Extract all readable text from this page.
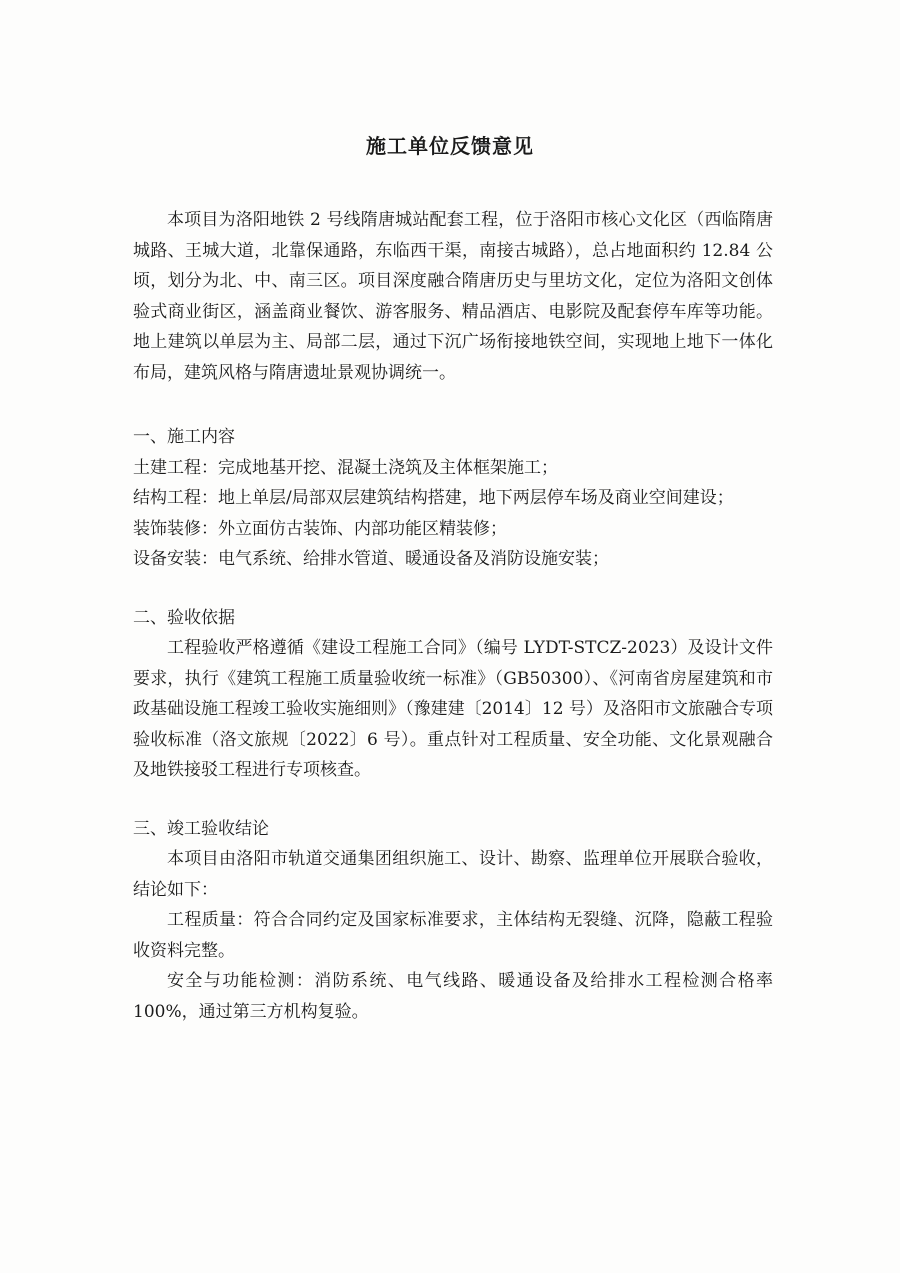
施工单位反馈意见

本项目为洛阳地铁 2 号线隋唐城站配套工程，位于洛阳市核心文化区（西临隋唐城路、王城大道，北靠保通路，东临西干渠，南接古城路），总占地面积约 12.84 公顷，划分为北、中、南三区。项目深度融合隋唐历史与里坊文化，定位为洛阳文创体验式商业街区，涵盖商业餐饮、游客服务、精品酒店、电影院及配套停车库等功能。地上建筑以单层为主、局部二层，通过下沉广场衔接地铁空间，实现地上地下一体化布局，建筑风格与隋唐遗址景观协调统一。

一、施工内容

土建工程：完成地基开挖、混凝土浇筑及主体框架施工；

结构工程：地上单层/局部双层建筑结构搭建，地下两层停车场及商业空间建设；

装饰装修：外立面仿古装饰、内部功能区精装修；

设备安装：电气系统、给排水管道、暖通设备及消防设施安装；

二、验收依据

工程验收严格遵循《建设工程施工合同》（编号 LYDT-STCZ-2023）及设计文件要求，执行《建筑工程施工质量验收统一标准》（GB50300）、《河南省房屋建筑和市政基础设施工程竣工验收实施细则》（豫建建〔2014〕12 号）及洛阳市文旅融合专项验收标准（洛文旅规〔2022〕6 号）。重点针对工程质量、安全功能、文化景观融合及地铁接驳工程进行专项核查。

三、竣工验收结论

本项目由洛阳市轨道交通集团组织施工、设计、勘察、监理单位开展联合验收，结论如下：

工程质量：符合合同约定及国家标准要求，主体结构无裂缝、沉降，隐蔽工程验收资料完整。

安全与功能检测：消防系统、电气线路、暖通设备及给排水工程检测合格率 100%，通过第三方机构复验。
